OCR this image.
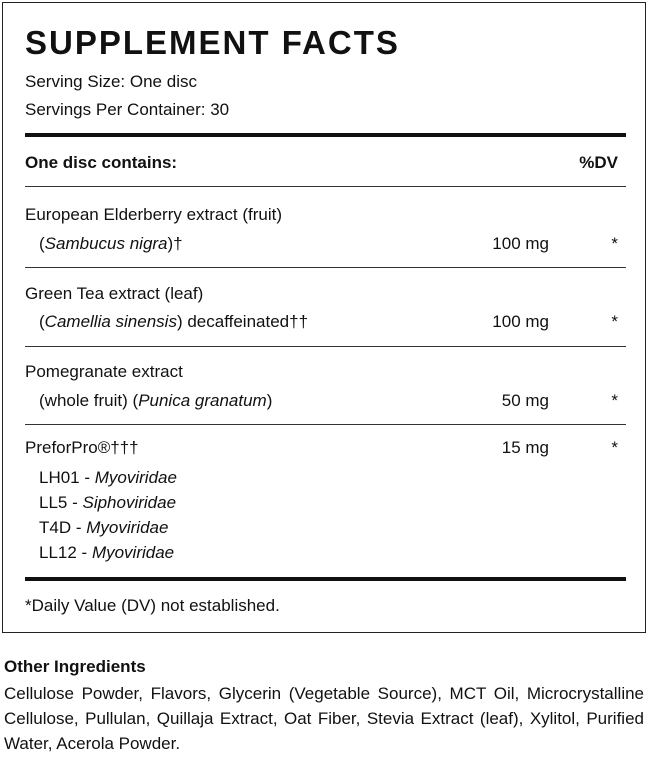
SUPPLEMENT FACTS
Serving Size: One disc
Servings Per Container: 30
One disc contains:	%DV
European Elderberry extract (fruit)
(Sambucus nigra)†	100 mg	*
Green Tea extract (leaf)
(Camellia sinensis) decaffeinated††	100 mg	*
Pomegranate extract
(whole fruit) (Punica granatum)	50 mg	*
PreforPro®†††	15 mg	*
LH01 - Myoviridae
LL5 - Siphoviridae
T4D - Myoviridae
LL12 - Myoviridae
*Daily Value (DV) not established.
Other Ingredients

Cellulose Powder, Flavors, Glycerin (Vegetable Source), MCT Oil, Microcrystalline Cellulose, Pullulan, Quillaja Extract, Oat Fiber, Stevia Extract (leaf), Xylitol, Purified Water, Acerola Powder.
